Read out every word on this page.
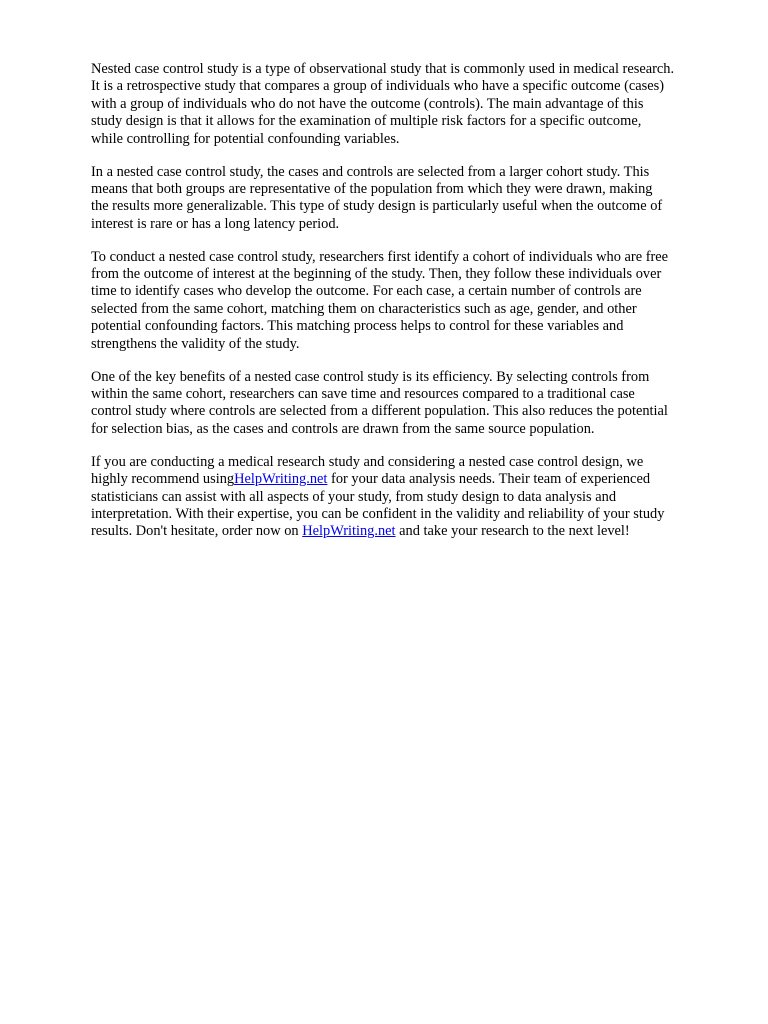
Nested case control study is a type of observational study that is commonly used in medical research.
It is a retrospective study that compares a group of individuals who have a specific outcome (cases)
with a group of individuals who do not have the outcome (controls). The main advantage of this
study design is that it allows for the examination of multiple risk factors for a specific outcome,
while controlling for potential confounding variables.

In a nested case control study, the cases and controls are selected from a larger cohort study. This
means that both groups are representative of the population from which they were drawn, making
the results more generalizable. This type of study design is particularly useful when the outcome of
interest is rare or has a long latency period.

To conduct a nested case control study, researchers first identify a cohort of individuals who are free
from the outcome of interest at the beginning of the study. Then, they follow these individuals over
time to identify cases who develop the outcome. For each case, a certain number of controls are
selected from the same cohort, matching them on characteristics such as age, gender, and other
potential confounding factors. This matching process helps to control for these variables and
strengthens the validity of the study.

One of the key benefits of a nested case control study is its efficiency. By selecting controls from
within the same cohort, researchers can save time and resources compared to a traditional case
control study where controls are selected from a different population. This also reduces the potential
for selection bias, as the cases and controls are drawn from the same source population.

If you are conducting a medical research study and considering a nested case control design, we
highly recommend usingHelpWriting.net for your data analysis needs. Their team of experienced
statisticians can assist with all aspects of your study, from study design to data analysis and
interpretation. With their expertise, you can be confident in the validity and reliability of your study
results. Don't hesitate, order now on HelpWriting.net and take your research to the next level!
